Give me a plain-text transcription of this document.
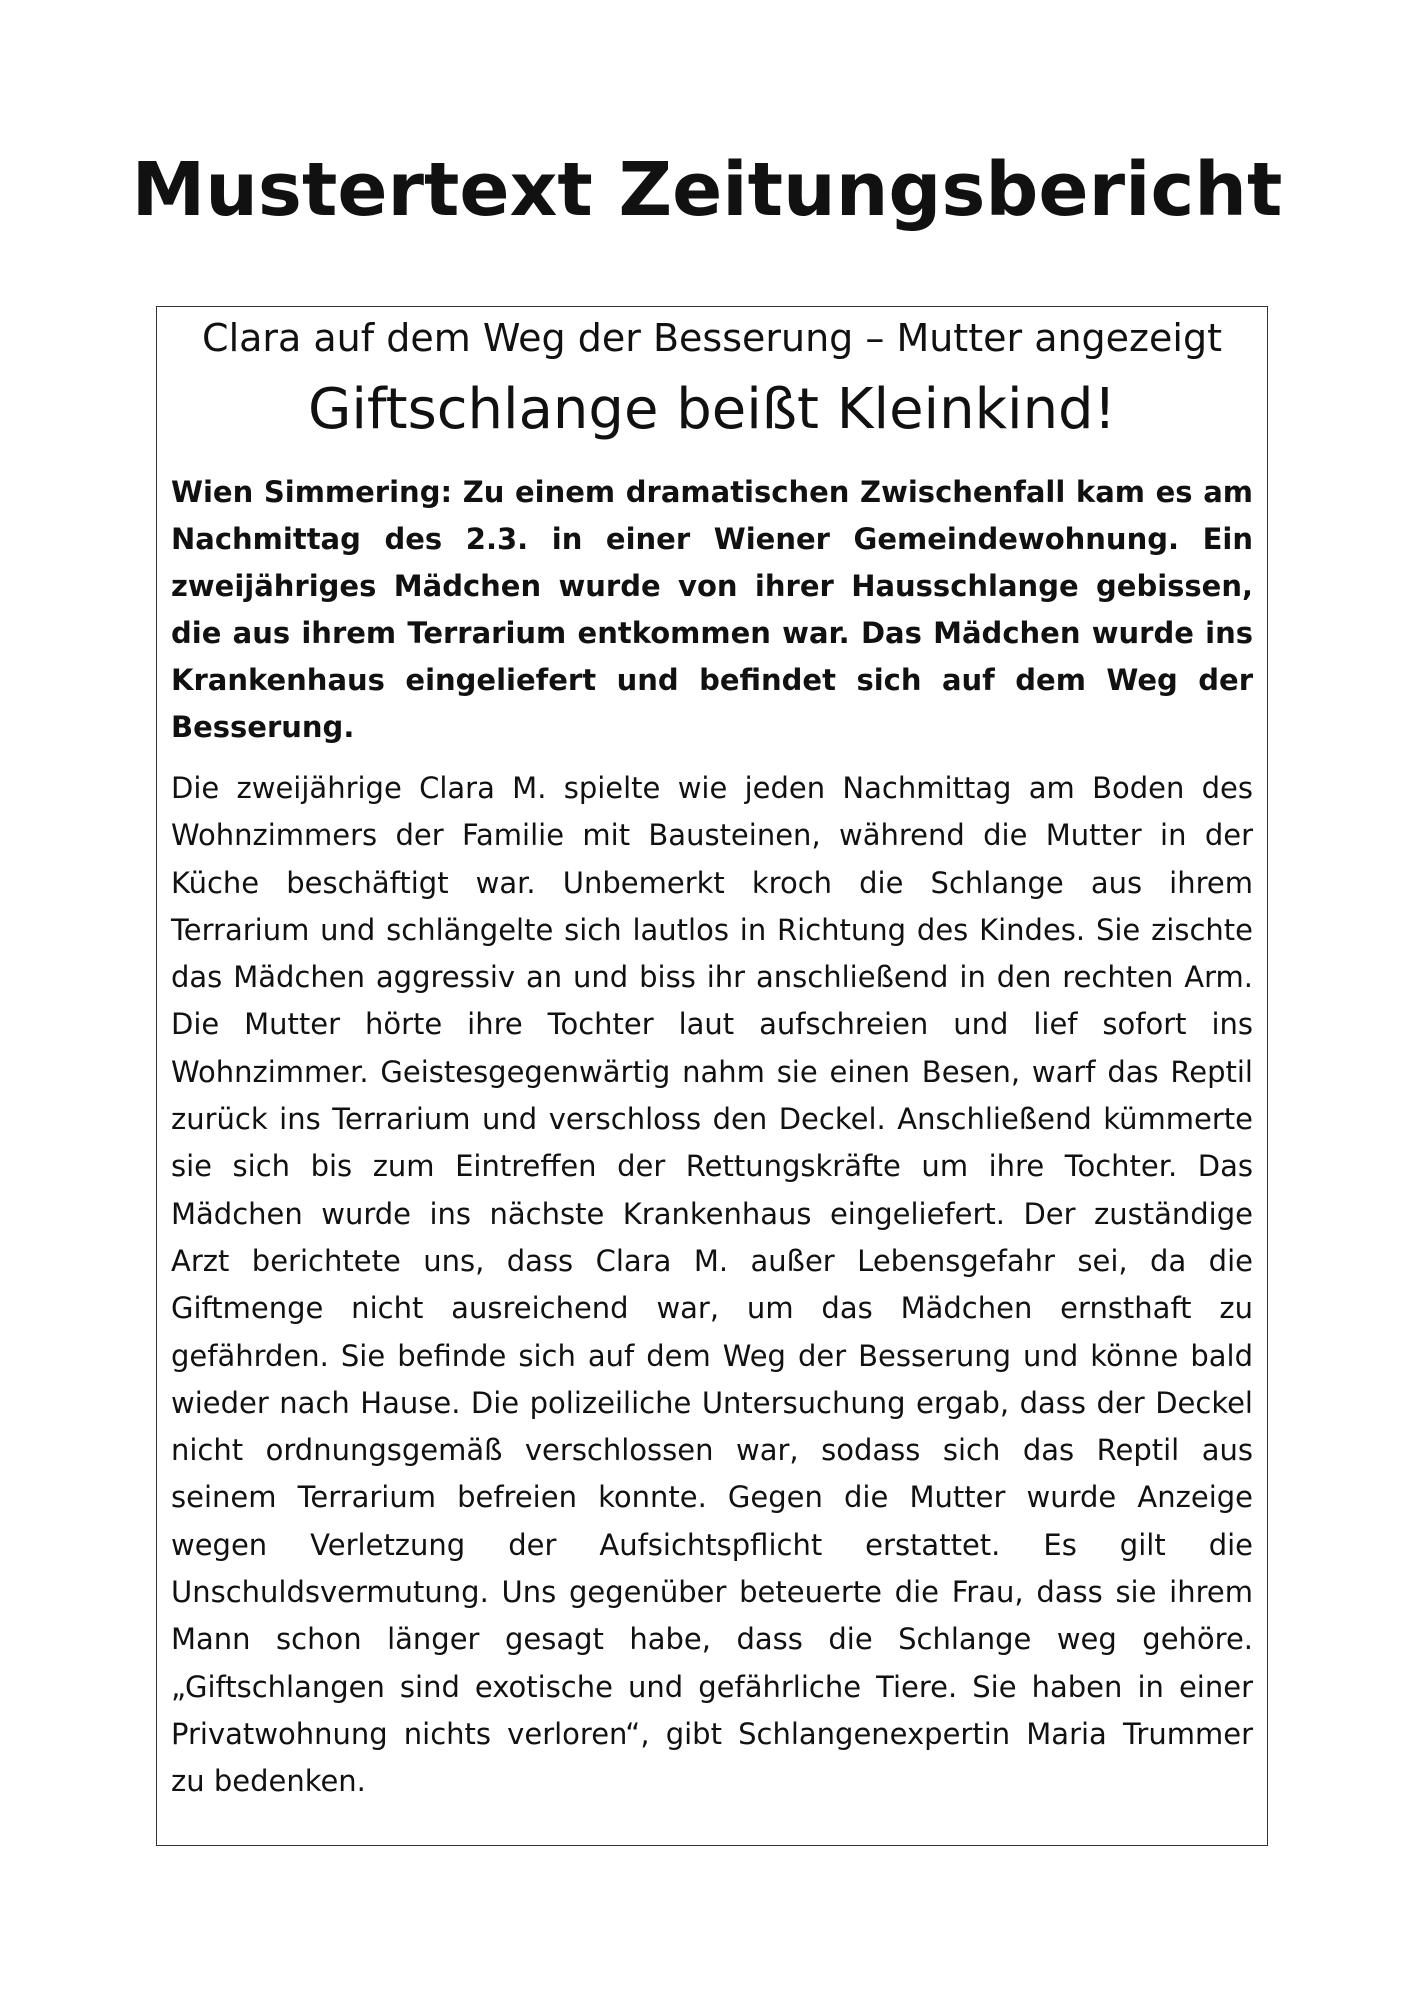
Mustertext Zeitungsbericht
Clara auf dem Weg der Besserung – Mutter angezeigt
Giftschlange beißt Kleinkind!

Wien Simmering: Zu einem dramatischen Zwischenfall kam es am Nachmittag des 2.3. in einer Wiener Gemeindewohnung. Ein zweijähriges Mädchen wurde von ihrer Hausschlange gebissen, die aus ihrem Terrarium entkommen war. Das Mädchen wurde ins Krankenhaus eingeliefert und befindet sich auf dem Weg der Besserung.

Die zweijährige Clara M. spielte wie jeden Nachmittag am Boden des Wohnzimmers der Familie mit Bausteinen, während die Mutter in der Küche beschäftigt war. Unbemerkt kroch die Schlange aus ihrem Terrarium und schlängelte sich lautlos in Richtung des Kindes. Sie zischte das Mädchen aggressiv an und biss ihr anschließend in den rechten Arm. Die Mutter hörte ihre Tochter laut aufschreien und lief sofort ins Wohnzimmer. Geistesgegenwärtig nahm sie einen Besen, warf das Reptil zurück ins Terrarium und verschloss den Deckel. Anschließend kümmerte sie sich bis zum Eintreffen der Rettungskräfte um ihre Tochter. Das Mädchen wurde ins nächste Krankenhaus eingeliefert. Der zuständige Arzt berichtete uns, dass Clara M. außer Lebensgefahr sei, da die Giftmenge nicht ausreichend war, um das Mädchen ernsthaft zu gefährden. Sie befinde sich auf dem Weg der Besserung und könne bald wieder nach Hause. Die polizeiliche Untersuchung ergab, dass der Deckel nicht ordnungsgemäß verschlossen war, sodass sich das Reptil aus seinem Terrarium befreien konnte. Gegen die Mutter wurde Anzeige wegen Verletzung der Aufsichtspflicht erstattet. Es gilt die Unschuldsvermutung. Uns gegenüber beteuerte die Frau, dass sie ihrem Mann schon länger gesagt habe, dass die Schlange weg gehöre. „Giftschlangen sind exotische und gefährliche Tiere. Sie haben in einer Privatwohnung nichts verloren“, gibt Schlangenexpertin Maria Trummer zu bedenken.
